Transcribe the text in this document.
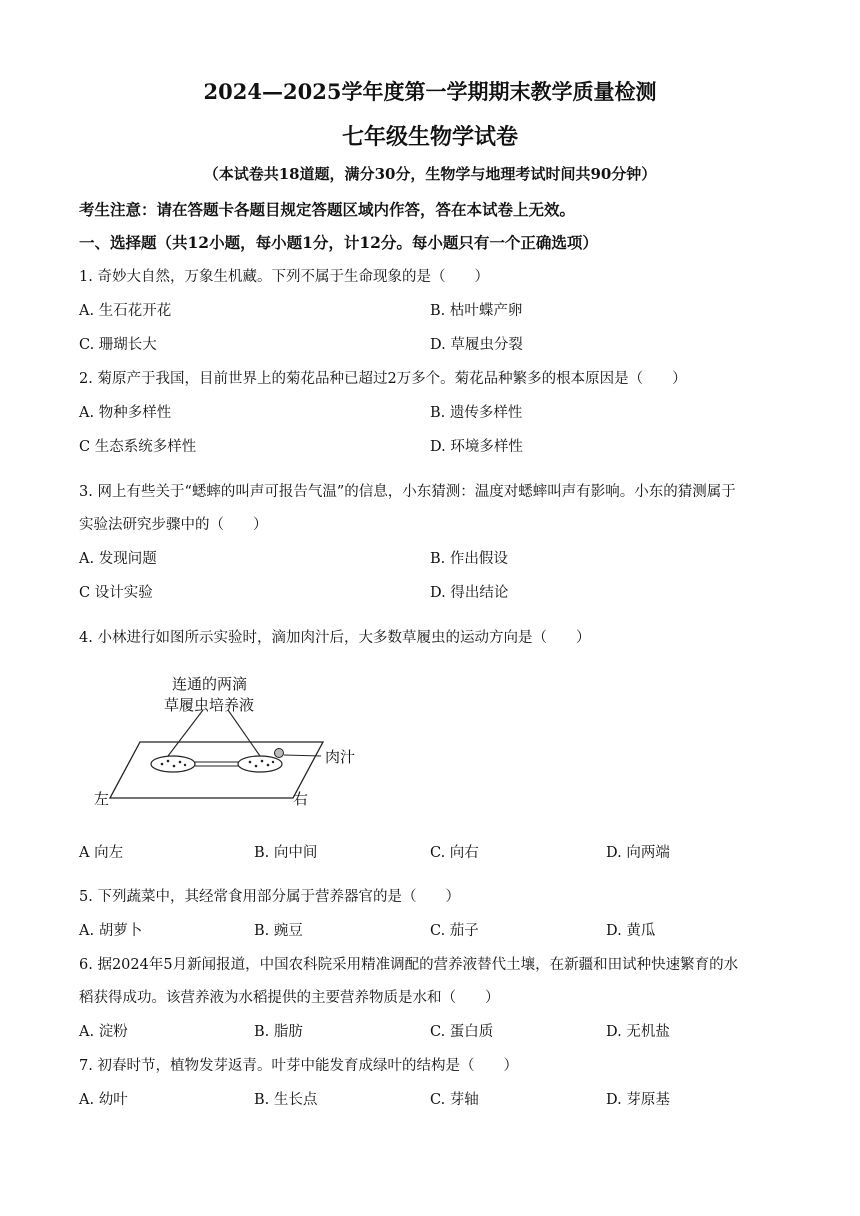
2024—2025学年度第一学期期末教学质量检测
七年级生物学试卷
（本试卷共18道题，满分30分，生物学与地理考试时间共90分钟）
考生注意：请在答题卡各题目规定答题区域内作答，答在本试卷上无效。
一、选择题（共12小题，每小题1分，计12分。每小题只有一个正确选项）
1. 奇妙大自然，万象生机藏。下列不属于生命现象的是（　　）
A. 生石花开花	B. 枯叶蝶产卵
C. 珊瑚长大	D. 草履虫分裂
2. 菊原产于我国，目前世界上的菊花品种已超过2万多个。菊花品种繁多的根本原因是（　　）
A. 物种多样性	B. 遗传多样性
C 生态系统多样性	D. 环境多样性
3. 网上有些关于“蟋蟀的叫声可报告气温”的信息，小东猜测：温度对蟋蟀叫声有影响。小东的猜测属于
实验法研究步骤中的（　　）
A. 发现问题	B. 作出假设
C 设计实验	D. 得出结论
4. 小林进行如图所示实验时，滴加肉汁后，大多数草履虫的运动方向是（　　）
连通的两滴
草履虫培养液
肉汁
左	右
A 向左	B. 向中间	C. 向右	D. 向两端
5. 下列蔬菜中，其经常食用部分属于营养器官的是（　　）
A. 胡萝卜	B. 豌豆	C. 茄子	D. 黄瓜
6. 据2024年5月新闻报道，中国农科院采用精准调配的营养液替代土壤，在新疆和田试种快速繁育的水
稻获得成功。该营养液为水稻提供的主要营养物质是水和（　　）
A. 淀粉	B. 脂肪	C. 蛋白质	D. 无机盐
7. 初春时节，植物发芽返青。叶芽中能发育成绿叶的结构是（　　）
A. 幼叶	B. 生长点	C. 芽轴	D. 芽原基
